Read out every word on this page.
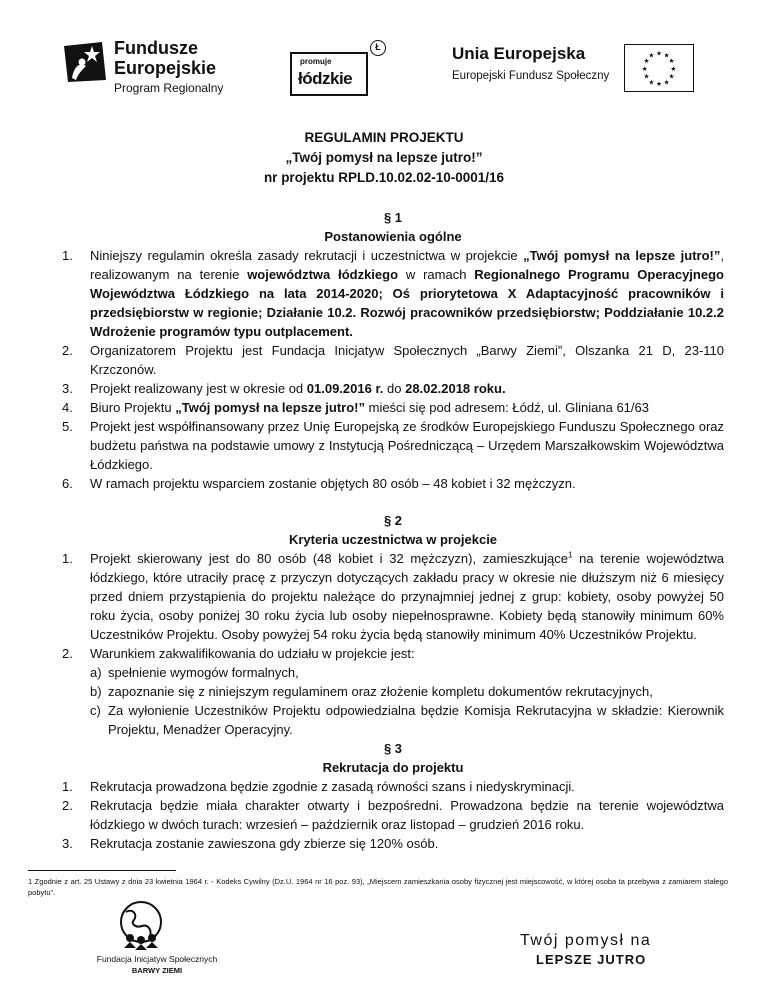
Fundusze
Europejskie
Program Regionalny
promuje
łódzkie
Ł	Unia Europejska
Europejski Fundusz Społeczny
★ ★
★
★
★
★
★
★
★
★
★
★
REGULAMIN PROJEKTU
„Twój pomysł na lepsze jutro!”
nr projektu RPLD.10.02.02-10-0001/16
§ 1
Postanowienia ogólne
1.	Niniejszy regulamin określa zasady rekrutacji i uczestnictwa w projekcie „Twój pomysł na lepsze jutro!”, realizowanym na terenie województwa łódzkiego w ramach Regionalnego Programu Operacyjnego Województwa Łódzkiego na lata 2014-2020; Oś priorytetowa X Adaptacyjność pracowników i przedsiębiorstw w regionie; Działanie 10.2. Rozwój pracowników przedsiębiorstw; Poddziałanie 10.2.2 Wdrożenie programów typu outplacement.
2.	Organizatorem Projektu jest Fundacja Inicjatyw Społecznych „Barwy Ziemi”, Olszanka 21 D, 23-110 Krzczonów.
3.	Projekt realizowany jest w okresie od 01.09.2016 r. do 28.02.2018 roku.
4.	Biuro Projektu „Twój pomysł na lepsze jutro!” mieści się pod adresem: Łódź, ul. Gliniana 61/63
5.	Projekt jest współfinansowany przez Unię Europejską ze środków Europejskiego Funduszu Społecznego oraz budżetu państwa na podstawie umowy z Instytucją Pośredniczącą – Urzędem Marszałkowskim Województwa Łódzkiego.
6.	W ramach projektu wsparciem zostanie objętych 80 osób – 48 kobiet i 32 mężczyzn.
§ 2
Kryteria uczestnictwa w projekcie
1.	Projekt skierowany jest do 80 osób (48 kobiet i 32 mężczyzn), zamieszkujące$^1$ na terenie województwa łódzkiego, które utraciły pracę z przyczyn dotyczących zakładu pracy w okresie nie dłuższym niż 6 miesięcy przed dniem przystąpienia do projektu należące do przynajmniej jednej z grup: kobiety, osoby powyżej 50 roku życia, osoby poniżej 30 roku życia lub osoby niepełnosprawne. Kobiety będą stanowiły minimum 60% Uczestników Projektu. Osoby powyżej 54 roku życia będą stanowiły minimum 40% Uczestników Projektu.
2.	Warunkiem zakwalifikowania do udziału w projekcie jest:
a) spełnienie wymogów formalnych,
b) zapoznanie się z niniejszym regulaminem oraz złożenie kompletu dokumentów rekrutacyjnych,
c) Za wyłonienie Uczestników Projektu odpowiedzialna będzie Komisja Rekrutacyjna w składzie: Kierownik Projektu, Menadżer Operacyjny.
§ 3
Rekrutacja do projektu
1.	Rekrutacja prowadzona będzie zgodnie z zasadą równości szans i niedyskryminacji.
2.	Rekrutacja będzie miała charakter otwarty i bezpośredni. Prowadzona będzie na terenie województwa łódzkiego w dwóch turach: wrzesień – październik oraz listopad – grudzień 2016 roku.
3.	Rekrutacja zostanie zawieszona gdy zbierze się 120% osób.
1 Zgodnie z art. 25 Ustawy z dnia 23 kwietnia 1964 r. - Kodeks Cywilny (Dz.U. 1964 nr 16 poz. 93), „Miejscem zamieszkania osoby fizycznej jest miejscowość, w której osoba ta przebywa z zamiarem stałego pobytu”.
Fundacja Inicjatyw Społecznych
BARWY ZIEMI
Twój pomysł na
LEPSZE JUTRO
